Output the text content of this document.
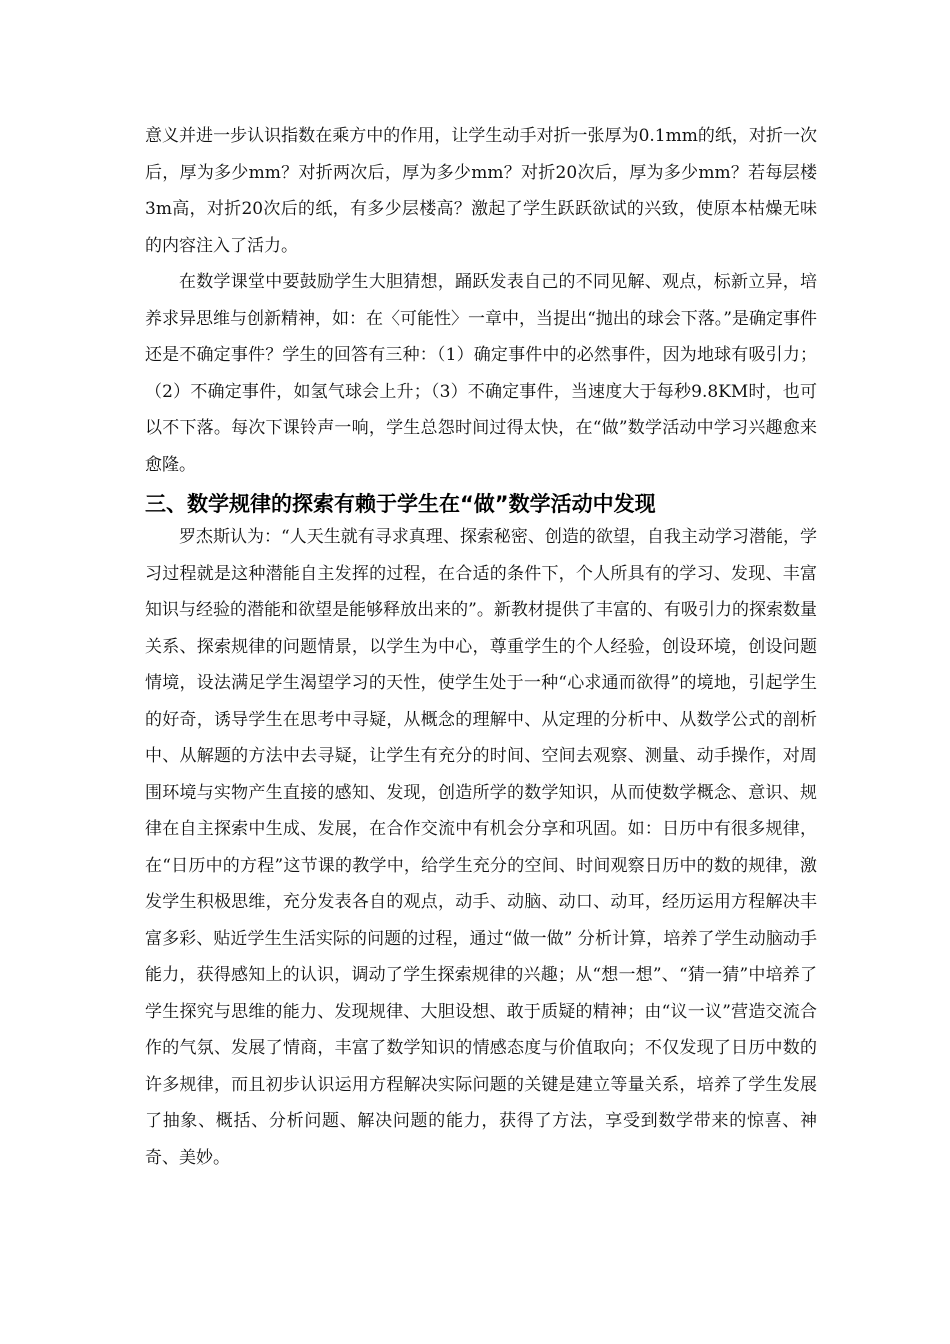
意义并进一步认识指数在乘方中的作用，让学生动手对折一张厚为0.1mm的纸，对折一次后，厚为多少mm？对折两次后，厚为多少mm？对折20次后，厚为多少mm？若每层楼3m高，对折20次后的纸，有多少层楼高？激起了学生跃跃欲试的兴致，使原本枯燥无味的内容注入了活力。

在数学课堂中要鼓励学生大胆猜想，踊跃发表自己的不同见解、观点，标新立异，培养求异思维与创新精神，如：在〈可能性〉一章中，当提出“抛出的球会下落。”是确定事件还是不确定事件？学生的回答有三种：（1）确定事件中的必然事件，因为地球有吸引力；（2）不确定事件，如氢气球会上升；（3）不确定事件，当速度大于每秒9.8KM时，也可以不下落。每次下课铃声一响，学生总怨时间过得太快，在“做”数学活动中学习兴趣愈来愈隆。

三、数学规律的探索有赖于学生在“做”数学活动中发现

罗杰斯认为：“人天生就有寻求真理、探索秘密、创造的欲望，自我主动学习潜能，学习过程就是这种潜能自主发挥的过程，在合适的条件下，个人所具有的学习、发现、丰富知识与经验的潜能和欲望是能够释放出来的”。新教材提供了丰富的、有吸引力的探索数量关系、探索规律的问题情景，以学生为中心，尊重学生的个人经验，创设环境，创设问题情境，设法满足学生渴望学习的天性，使学生处于一种“心求通而欲得”的境地，引起学生的好奇，诱导学生在思考中寻疑，从概念的理解中、从定理的分析中、从数学公式的剖析中、从解题的方法中去寻疑，让学生有充分的时间、空间去观察、测量、动手操作，对周围环境与实物产生直接的感知、发现，创造所学的数学知识，从而使数学概念、意识、规律在自主探索中生成、发展，在合作交流中有机会分享和巩固。如：日历中有很多规律，在“日历中的方程”这节课的教学中，给学生充分的空间、时间观察日历中的数的规律，激发学生积极思维，充分发表各自的观点，动手、动脑、动口、动耳，经历运用方程解决丰富多彩、贴近学生生活实际的问题的过程，通过“做一做” 分析计算，培养了学生动脑动手能力，获得感知上的认识，调动了学生探索规律的兴趣；从“想一想”、“猜一猜”中培养了学生探究与思维的能力、发现规律、大胆设想、敢于质疑的精神；由“议一议”营造交流合作的气氛、发展了情商，丰富了数学知识的情感态度与价值取向；不仅发现了日历中数的许多规律，而且初步认识运用方程解决实际问题的关键是建立等量关系，培养了学生发展了抽象、概括、分析问题、解决问题的能力，获得了方法，享受到数学带来的惊喜、神奇、美妙。
